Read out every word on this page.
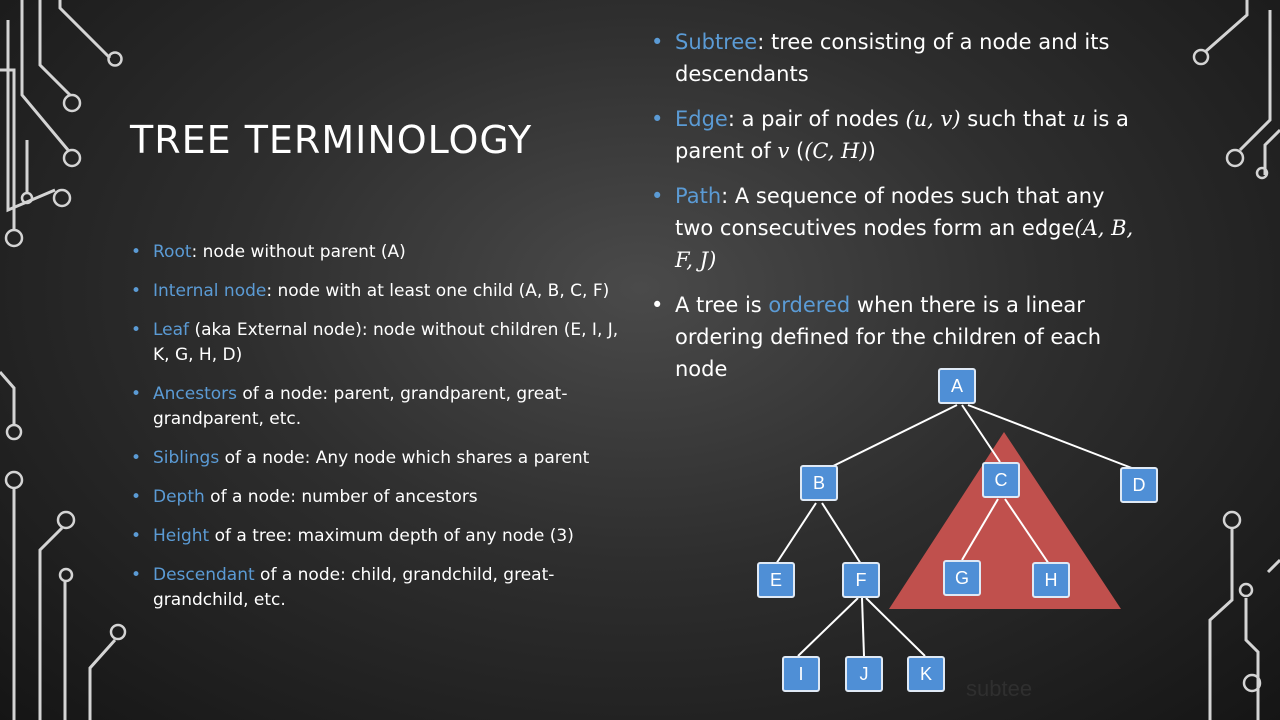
TREE TERMINOLOGY
• Root: node without parent (A)
• Internal node: node with at least one child (A, B, C, F)
• Leaf (aka External node): node without children (E, I, J, K, G, H, D)
• Ancestors of a node: parent, grandparent, great-grandparent, etc.
• Siblings of a node: Any node which shares a parent
• Depth of a node: number of ancestors
• Height of a tree: maximum depth of any node (3)
• Descendant of a node: child, grandchild, great-grandchild, etc.
• Subtree: tree consisting of a node and its descendants
• Edge: a pair of nodes (u, v) such that u is a parent of v ((C, H))
• Path: A sequence of nodes such that any two consecutives nodes form an edge(A, B, F, J)
• A tree is ordered when there is a linear ordering defined for the children of each node
A
B	C	D
E	F	G	H
I	J	K
subtee
